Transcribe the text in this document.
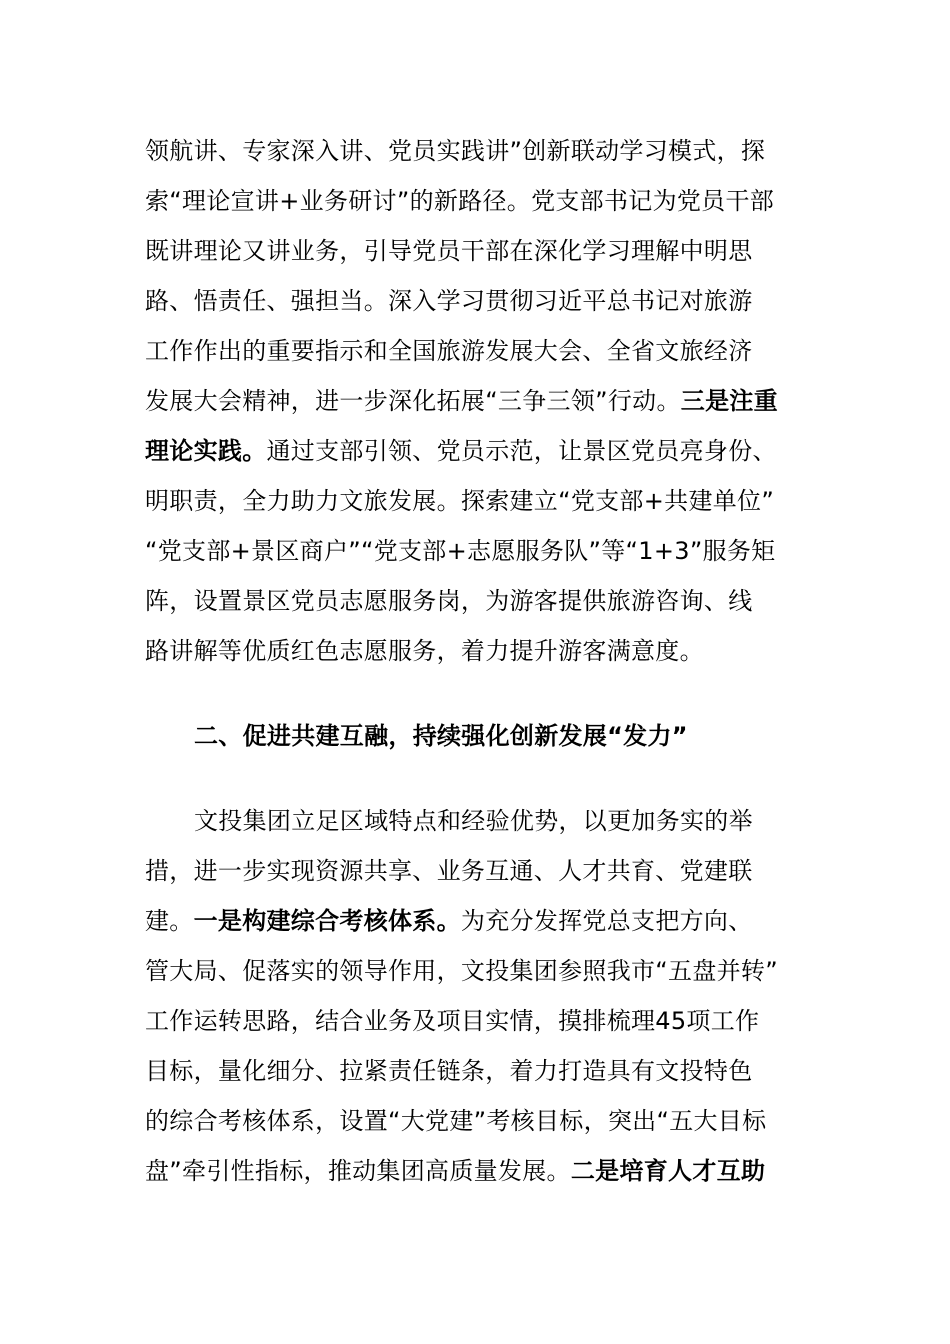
领航讲、专家深入讲、党员实践讲”创新联动学习模式，探
索“理论宣讲+业务研讨”的新路径。党支部书记为党员干部
既讲理论又讲业务，引导党员干部在深化学习理解中明思
路、悟责任、强担当。深入学习贯彻习近平总书记对旅游
工作作出的重要指示和全国旅游发展大会、全省文旅经济
发展大会精神，进一步深化拓展“三争三领”行动。三是注重
理论实践。通过支部引领、党员示范，让景区党员亮身份、
明职责，全力助力文旅发展。探索建立“党支部+共建单位”
“党支部+景区商户”“党支部+志愿服务队”等“1+3”服务矩
阵，设置景区党员志愿服务岗，为游客提供旅游咨询、线
路讲解等优质红色志愿服务，着力提升游客满意度。
二、促进共建互融，持续强化创新发展“发力”
文投集团立足区域特点和经验优势，以更加务实的举
措，进一步实现资源共享、业务互通、人才共育、党建联
建。一是构建综合考核体系。为充分发挥党总支把方向、
管大局、促落实的领导作用，文投集团参照我市“五盘并转”
工作运转思路，结合业务及项目实情，摸排梳理45项工作
目标，量化细分、拉紧责任链条，着力打造具有文投特色
的综合考核体系，设置“大党建”考核目标，突出“五大目标
盘”牵引性指标，推动集团高质量发展。二是培育人才互助
